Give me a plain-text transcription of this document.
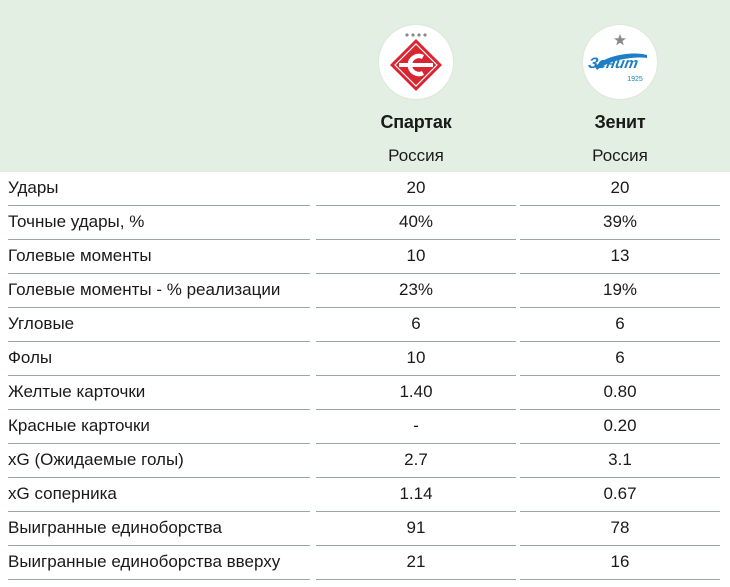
Спартак
Россия
Зенит
1925
Зенит
Россия
Удары	20	20
Точные удары, %	40%	39%
Голевые моменты	10	13
Голевые моменты - % реализации	23%	19%
Угловые	6	6
Фолы	10	6
Желтые карточки	1.40	0.80
Красные карточки	-	0.20
xG (Ожидаемые голы)	2.7	3.1
xG соперника	1.14	0.67
Выигранные единоборства	91	78
Выигранные единоборства вверху	21	16
